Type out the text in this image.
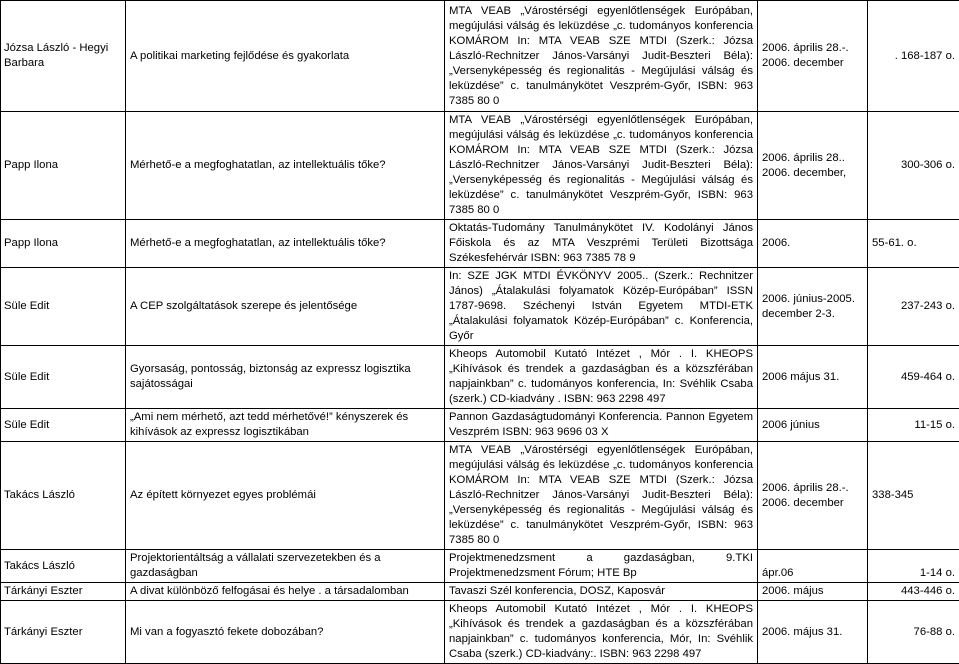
Józsa László - Hegyi Barbara	A politikai marketing fejlődése és gyakorlata	MTA VEAB „Várostérségi egyenlőtlenségek Európában, megújulási válság és leküzdése „c. tudományos konferencia KOMÁROM In: MTA VEAB SZE MTDI (Szerk.: Józsa László-Rechnitzer János-Varsányi Judit-Beszteri Béla): „Versenyképesség és regionalitás - Megújulási válság és leküzdése” c. tanulmánykötet Veszprém-Győr, ISBN: 963 7385 80 0	2006. április 28.-. 2006. december	. 168-187 o.
Papp Ilona	Mérhető-e a megfoghatatlan, az intellektuális tőke?	MTA VEAB „Várostérségi egyenlőtlenségek Európában, megújulási válság és leküzdése „c. tudományos konferencia KOMÁROM In: MTA VEAB SZE MTDI (Szerk.: Józsa László-Rechnitzer János-Varsányi Judit-Beszteri Béla): „Versenyképesség és regionalitás - Megújulási válság és leküzdése” c. tanulmánykötet Veszprém-Győr, ISBN: 963 7385 80 0	2006. április 28.. 2006. december,	300-306 o.
Papp Ilona	Mérhető-e a megfoghatatlan, az intellektuális tőke?	Oktatás-Tudomány Tanulmánykötet IV. Kodolányi János Főiskola és az MTA Veszprémi Területi Bizottsága Székesfehérvár ISBN: 963 7385 78 9	2006.	55-61. o.
Süle Edit	A CEP szolgáltatások szerepe és jelentősége	In: SZE JGK MTDI ÉVKÖNYV 2005.. (Szerk.: Rechnitzer János) „Átalakulási folyamatok Közép-Európában” ISSN 1787-9698. Széchenyi István Egyetem MTDI-ETK „Átalakulási folyamatok Közép-Európában” c. Konferencia, Győr	2006. június-2005. december 2-3.	237-243 o.
Süle Edit	Gyorsaság, pontosság, biztonság az expressz logisztika sajátosságai	Kheops Automobil Kutató Intézet , Mór . I. KHEOPS „Kihívások és trendek a gazdaságban és a közszférában napjainkban” c. tudományos konferencia, In: Svéhlik Csaba (szerk.) CD-kiadvány . ISBN: 963 2298 497	2006 május 31.	459-464 o.
Süle Edit	„Ami nem mérhető, azt tedd mérhetővé!” kényszerek és kihívások az expressz logisztikában	Pannon Gazdaságtudományi Konferencia. Pannon Egyetem Veszprém ISBN: 963 9696 03 X	2006 június	11-15 o.
Takács László	Az épített környezet egyes problémái	MTA VEAB „Várostérségi egyenlőtlenségek Európában, megújulási válság és leküzdése „c. tudományos konferencia KOMÁROM In: MTA VEAB SZE MTDI (Szerk.: Józsa László-Rechnitzer János-Varsányi Judit-Beszteri Béla): „Versenyképesség és regionalitás - Megújulási válság és leküzdése” c. tanulmánykötet Veszprém-Győr, ISBN: 963 7385 80 0	2006. április 28.-. 2006. december	338-345
Takács László	Projektorientáltság a vállalati szervezetekben és a gazdaságban	Projektmenedzsment a gazdaságban, 9.TKI Projektmenedzsment Fórum; HTE Bp	ápr.06	1-14 o.
Tárkányi Eszter	A divat különböző felfogásai és helye . a társadalomban	Tavaszi Szél konferencia, DOSZ, Kaposvár	2006. május	443-446 o.
Tárkányi Eszter	Mi van a fogyasztó fekete dobozában?	Kheops Automobil Kutató Intézet , Mór . I. KHEOPS „Kihívások és trendek a gazdaságban és a közszférában napjainkban” c. tudományos konferencia, Mór, In: Svéhlik Csaba (szerk.) CD-kiadvány:. ISBN: 963 2298 497	2006. május 31.	76-88 o.
